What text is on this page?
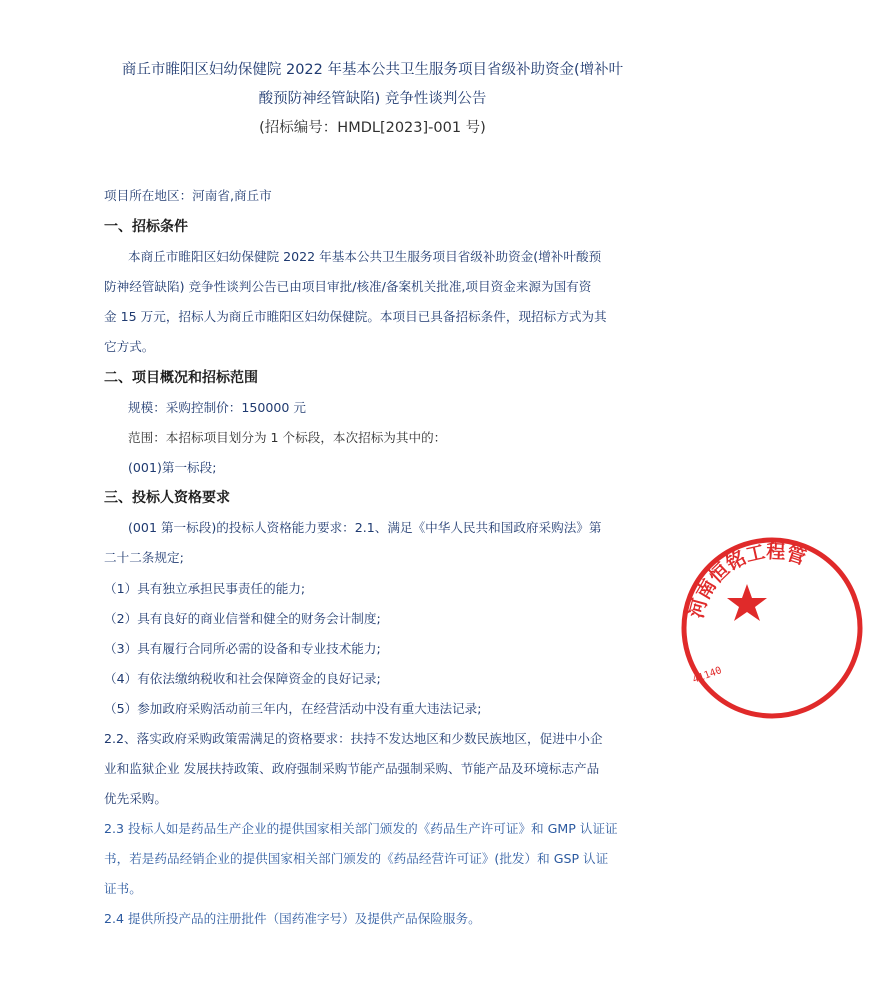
商丘市睢阳区妇幼保健院 2022 年基本公共卫生服务项目省级补助资金(增补叶
酸预防神经管缺陷) 竞争性谈判公告
(招标编号：HMDL[2023]-001 号)
项目所在地区：河南省,商丘市
一、招标条件
本商丘市睢阳区妇幼保健院 2022 年基本公共卫生服务项目省级补助资金(增补叶酸预
防神经管缺陷) 竞争性谈判公告已由项目审批/核准/备案机关批准,项目资金来源为国有资
金 15 万元，招标人为商丘市睢阳区妇幼保健院。本项目已具备招标条件，现招标方式为其
它方式。
二、项目概况和招标范围
规模：采购控制价：150000 元
范围：本招标项目划分为 1 个标段，本次招标为其中的：
(001)第一标段;
三、投标人资格要求
(001 第一标段)的投标人资格能力要求：2.1、满足《中华人民共和国政府采购法》第
二十二条规定;
（1）具有独立承担民事责任的能力;
（2）具有良好的商业信誉和健全的财务会计制度;
（3）具有履行合同所必需的设备和专业技术能力;
（4）有依法缴纳税收和社会保障资金的良好记录;
（5）参加政府采购活动前三年内，在经营活动中没有重大违法记录;
2.2、落实政府采购政策需满足的资格要求：扶持不发达地区和少数民族地区，促进中小企
业和监狱企业 发展扶持政策、政府强制采购节能产品强制采购、节能产品及环境标志产品
优先采购。
2.3 投标人如是药品生产企业的提供国家相关部门颁发的《药品生产许可证》和 GMP 认证证
书，若是药品经销企业的提供国家相关部门颁发的《药品经营许可证》(批发）和 GSP 认证
证书。
2.4 提供所投产品的注册批件（国药准字号）及提供产品保险服务。
河南恒铭工程管
41140
